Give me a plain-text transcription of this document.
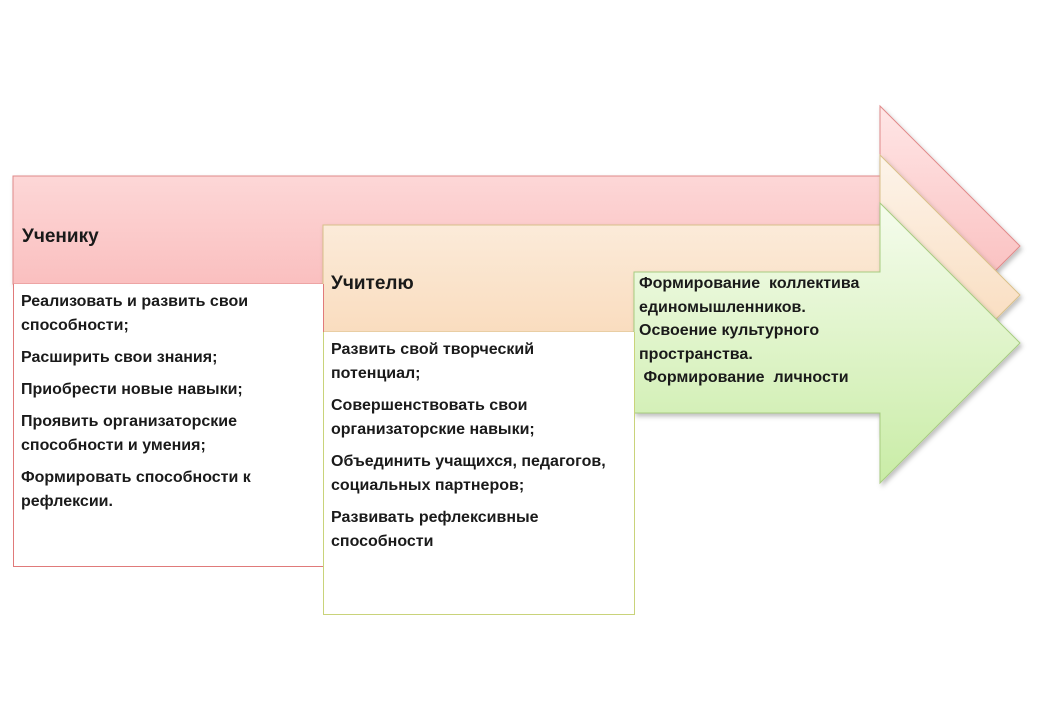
Ученику

Реализовать и развить свои способности;

Расширить свои знания;

Приобрести новые навыки;

Проявить организаторские способности и умения;

Формировать способности к рефлексии.

Учителю

Развить свой творческий потенциал;

Совершенствовать свои организаторские навыки;

Объединить учащихся, педагогов, социальных партнеров;

Развивать рефлексивные способности

Формирование  коллектива
единомышленников.
Освоение культурного
пространства.
Формирование  личности
